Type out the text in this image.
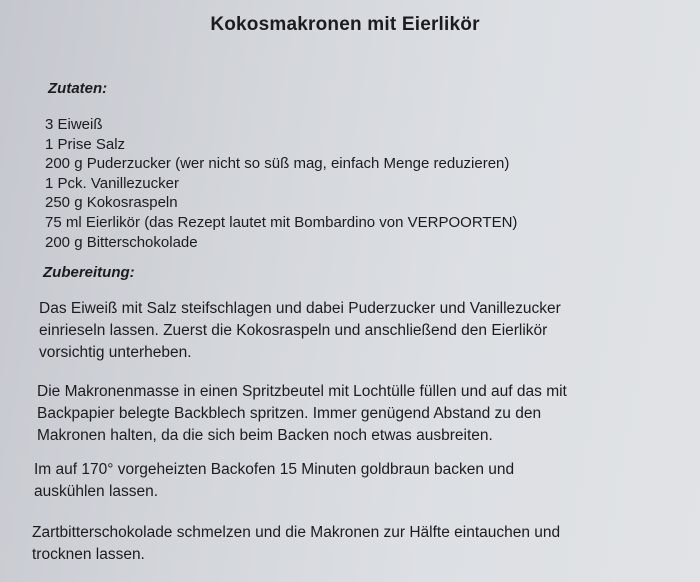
Kokosmakronen mit Eierlikör
Zutaten:
3 Eiweiß
1 Prise Salz
200 g Puderzucker (wer nicht so süß mag, einfach Menge reduzieren)
1 Pck. Vanillezucker
250 g Kokosraspeln
75 ml Eierlikör (das Rezept lautet mit Bombardino von VERPOORTEN)
200 g Bitterschokolade
Zubereitung:
Das Eiweiß mit Salz steifschlagen und dabei Puderzucker und Vanillezucker
einrieseln lassen. Zuerst die Kokosraspeln und anschließend den Eierlikör
vorsichtig unterheben.
Die Makronenmasse in einen Spritzbeutel mit Lochtülle füllen und auf das mit
Backpapier belegte Backblech spritzen. Immer genügend Abstand zu den
Makronen halten, da die sich beim Backen noch etwas ausbreiten.
Im auf 170° vorgeheizten Backofen 15 Minuten goldbraun backen und
auskühlen lassen.
Zartbitterschokolade schmelzen und die Makronen zur Hälfte eintauchen und
trocknen lassen.
